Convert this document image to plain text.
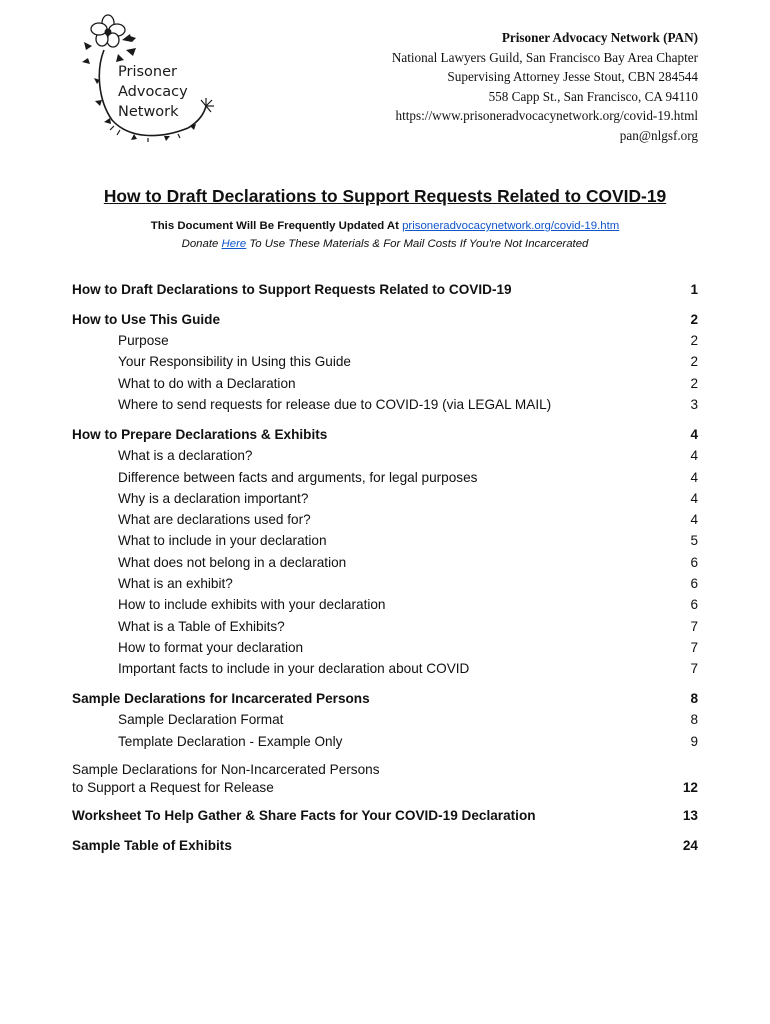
Prisoner
Advocacy
Network
Prisoner Advocacy Network (PAN)
National Lawyers Guild, San Francisco Bay Area Chapter
Supervising Attorney Jesse Stout, CBN 284544
558 Capp St., San Francisco, CA 94110
https://www.prisoneradvocacynetwork.org/covid-19.html
pan@nlgsf.org
How to Draft Declarations to Support Requests Related to COVID-19
This Document Will Be Frequently Updated At prisoneradvocacynetwork.org/covid-19.htm
Donate Here To Use These Materials & For Mail Costs If You're Not Incarcerated
How to Draft Declarations to Support Requests Related to COVID-19	1
How to Use This Guide	2
Purpose	2
Your Responsibility in Using this Guide	2
What to do with a Declaration	2
Where to send requests for release due to COVID-19 (via LEGAL MAIL)	3
How to Prepare Declarations & Exhibits	4
What is a declaration?	4
Difference between facts and arguments, for legal purposes	4
Why is a declaration important?	4
What are declarations used for?	4
What to include in your declaration	5
What does not belong in a declaration	6
What is an exhibit?	6
How to include exhibits with your declaration	6
What is a Table of Exhibits?	7
How to format your declaration	7
Important facts to include in your declaration about COVID	7
Sample Declarations for Incarcerated Persons	8
Sample Declaration Format	8
Template Declaration - Example Only	9
Sample Declarations for Non-Incarcerated Persons
to Support a Request for Release	12
Worksheet To Help Gather & Share Facts for Your COVID-19 Declaration	13
Sample Table of Exhibits	24
